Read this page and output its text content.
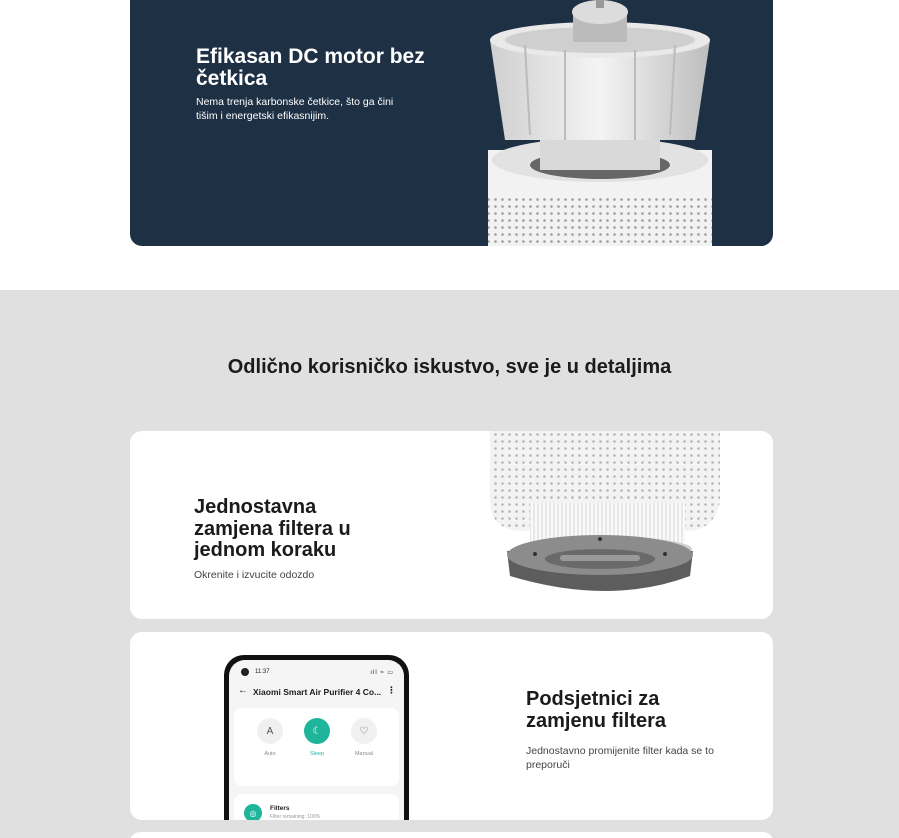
Efikasan DC motor bez četkica
Nema trenja karbonske četkice, što ga čini tišim i energetski efikasnijim.
Odlično korisničko iskustvo, sve je u detaljima
Jednostavna zamjena filtera u jednom koraku
Okrenite i izvucite odozdo
11:37	ıll ≈ ▭
← Xiaomi Smart Air Purifier 4 Co... ⋮
A
Auto
☾
Sleep
♡
Manual
◎	Filters
Filter remaining: 100%
Podsjetnici za zamjenu filtera
Jednostavno promijenite filter kada se to preporuči
